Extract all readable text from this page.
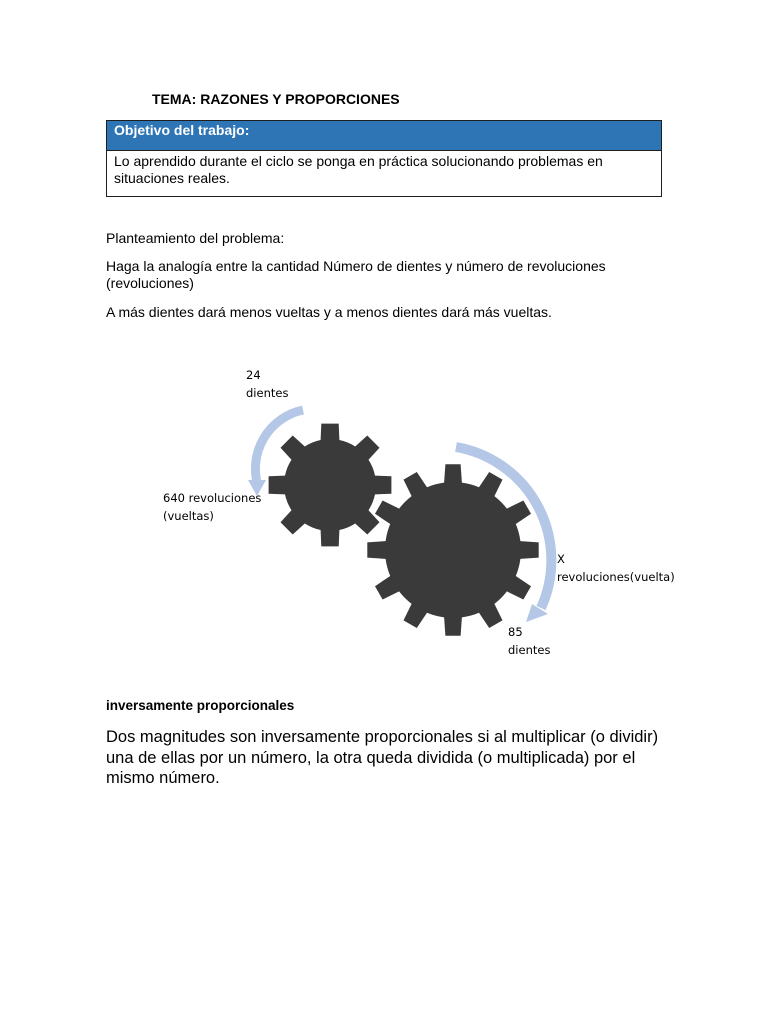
TEMA: RAZONES Y PROPORCIONES
Objetivo del trabajo:
Lo aprendido durante el ciclo se ponga en práctica solucionando problemas en situaciones reales.

Planteamiento del problema:

Haga la analogía entre la cantidad Número de dientes y número de revoluciones (revoluciones)

A más dientes dará menos vueltas y a menos dientes dará más vueltas.

24
dientes

640 revoluciones
(vueltas)

X
revoluciones(vuelta)

85
dientes

inversamente proporcionales

Dos magnitudes son inversamente proporcionales si al multiplicar (o dividir) una de ellas por un número, la otra queda dividida (o multiplicada) por el mismo número.
